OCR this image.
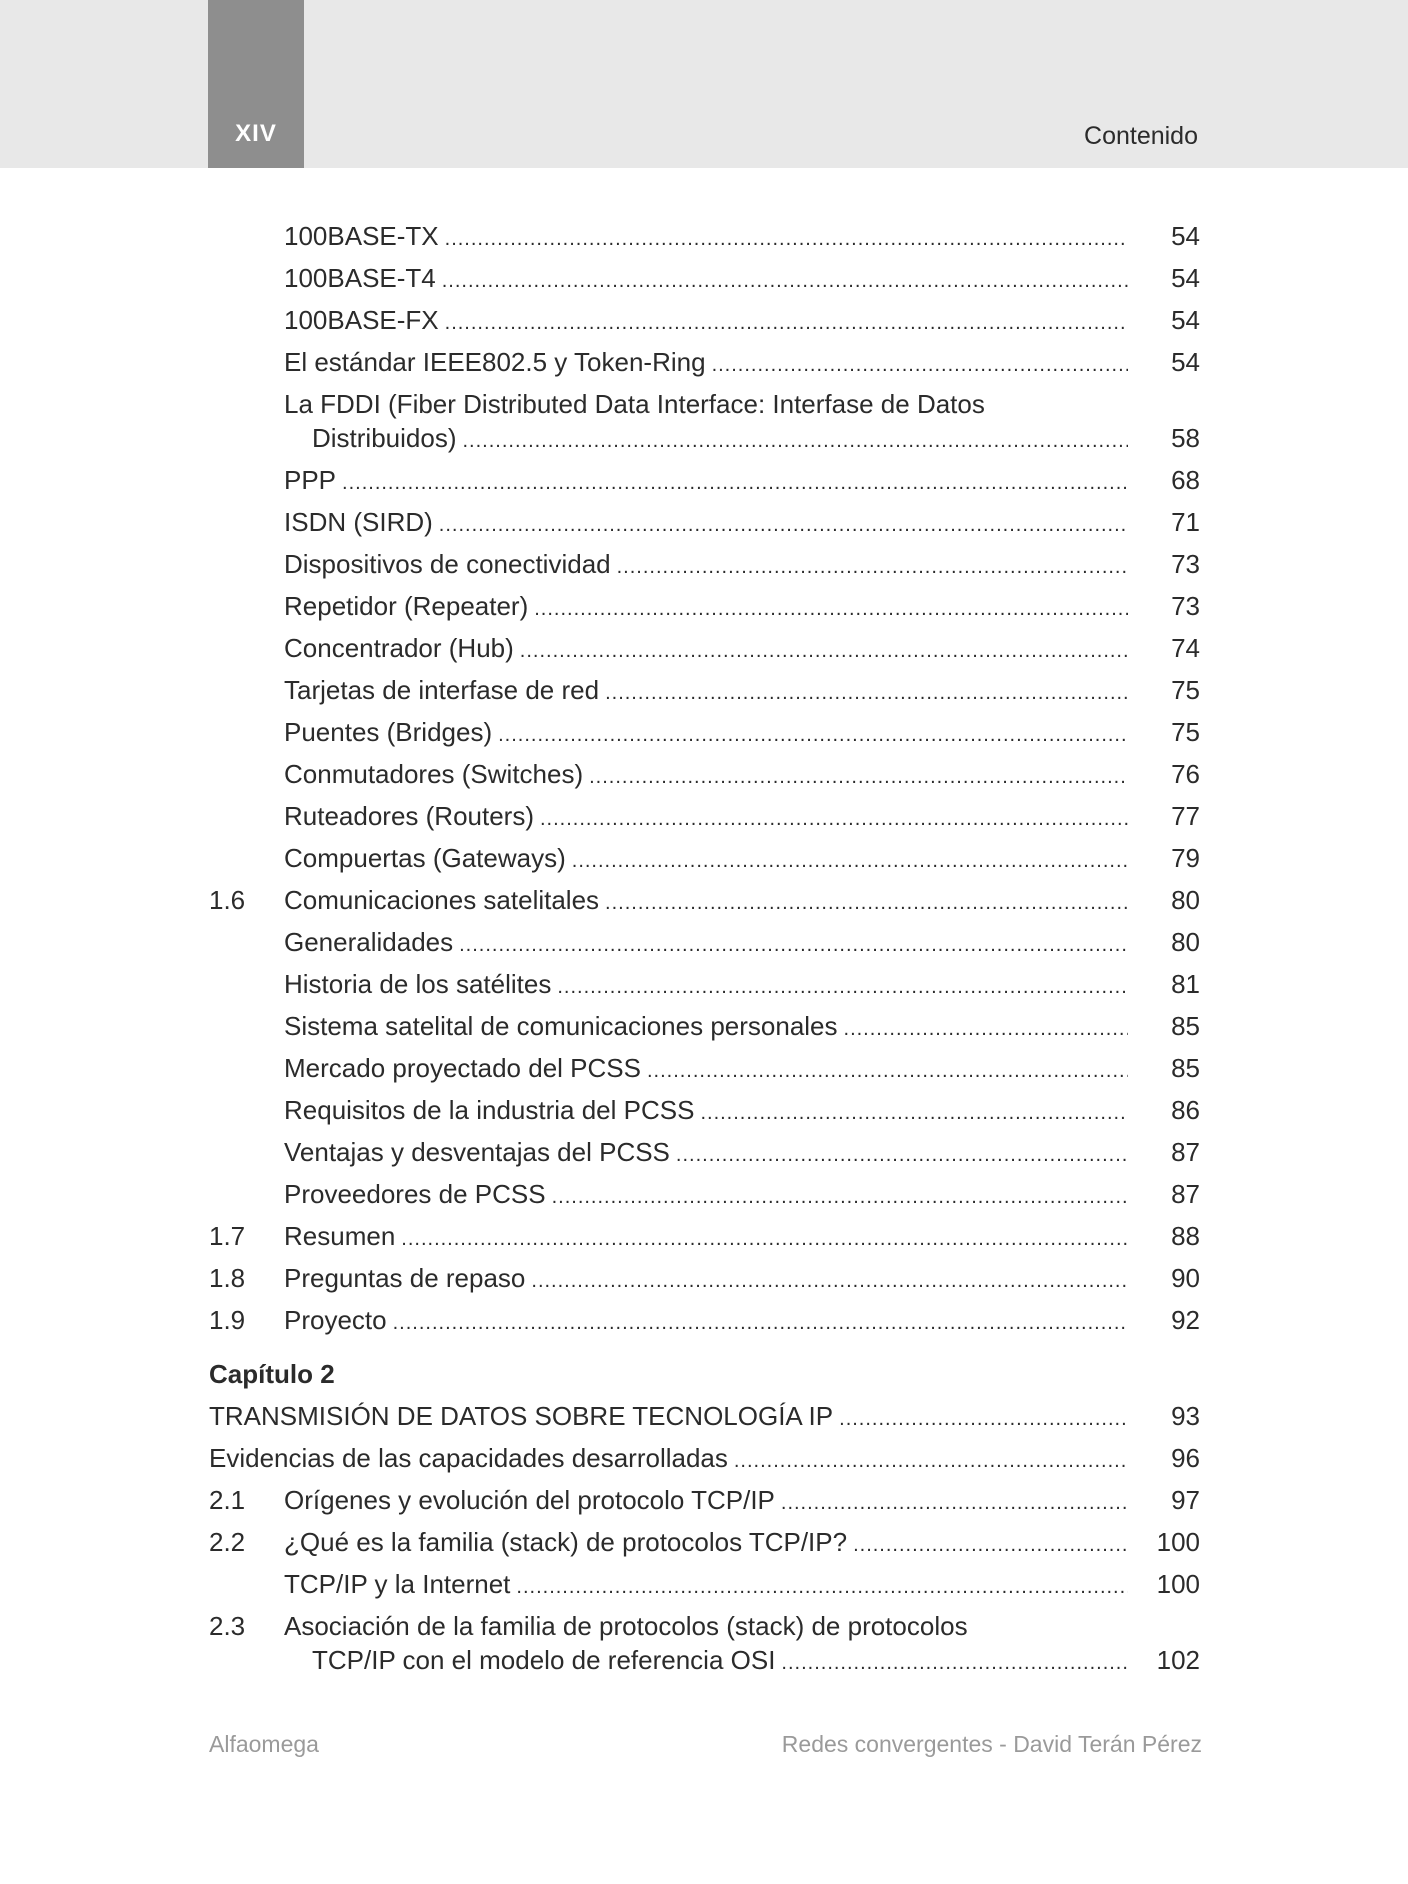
XIV	Contenido
100BASE-TX .....	54
100BASE-T4 .....	54
100BASE-FX .....	54
El estándar IEEE802.5 y Token-Ring .....	54
La FDDI (Fiber Distributed Data Interface: Interfase de Datos
Distribuidos) .....	58
PPP .....	68
ISDN (SIRD) .....	71
Dispositivos de conectividad .....	73
Repetidor (Repeater) .....	73
Concentrador (Hub) .....	74
Tarjetas de interfase de red .....	75
Puentes (Bridges) .....	75
Conmutadores (Switches) .....	76
Ruteadores (Routers) .....	77
Compuertas (Gateways) .....	79
1.6 Comunicaciones satelitales .....	80
Generalidades .....	80
Historia de los satélites .....	81
Sistema satelital de comunicaciones personales .....	85
Mercado proyectado del PCSS .....	85
Requisitos de la industria del PCSS .....	86
Ventajas y desventajas del PCSS .....	87
Proveedores de PCSS .....	87
1.7 Resumen .....	88
1.8 Preguntas de repaso .....	90
1.9 Proyecto .....	92
Capítulo 2
TRANSMISIÓN DE DATOS SOBRE TECNOLOGÍA IP .....	93
Evidencias de las capacidades desarrolladas .....	96
2.1 Orígenes y evolución del protocolo TCP/IP .....	97
2.2 ¿Qué es la familia (stack) de protocolos TCP/IP? .....	100
TCP/IP y la Internet .....	100
2.3 Asociación de la familia de protocolos (stack) de protocolos
TCP/IP con el modelo de referencia OSI .....	102
Alfaomega	Redes convergentes - David Terán Pérez
